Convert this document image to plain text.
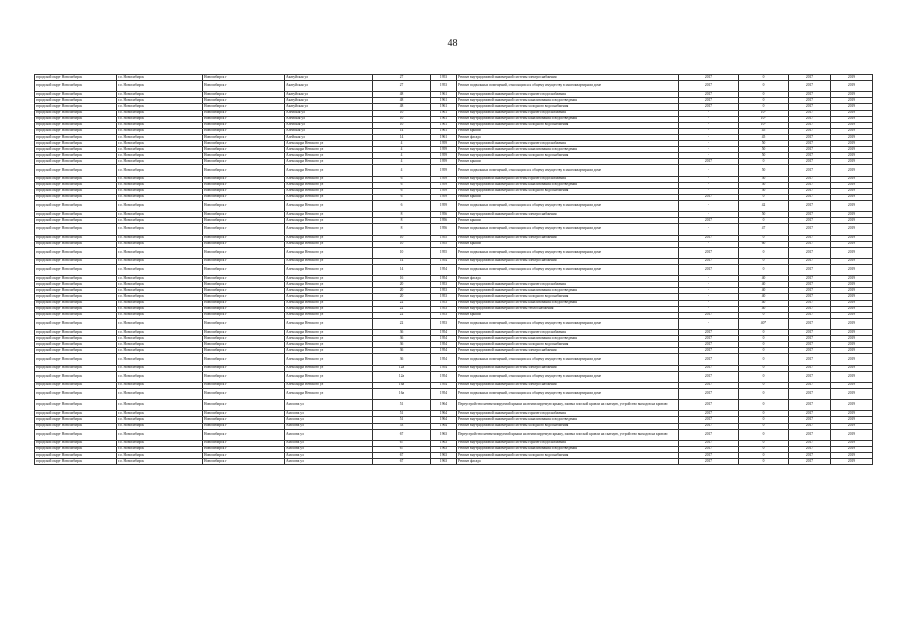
48
городской округ Новосибирск	г.о. Новосибирск	Новосибирск г	Акатуйская ул	27	1953	Ремонт внутридомовой инженерной системы электроснабжения	2017	0	2017	2019
городской округ Новосибирск	г.о. Новосибирск	Новосибирск г	Акатуйская ул	27	1953	Ремонт подвальных помещений, относящихся к общему имуществу в многоквартирном доме	2017	0	2017	2019
городской округ Новосибирск	г.о. Новосибирск	Новосибирск г	Акатуйская ул	48	1961	Ремонт внутридомовой инженерной системы горячего водоснабжения	2017	0	2017	2019
городской округ Новосибирск	г.о. Новосибирск	Новосибирск г	Акатуйская ул	48	1961	Ремонт внутридомовой инженерной системы канализования и водоотведения	2017	0	2017	2019
городской округ Новосибирск	г.о. Новосибирск	Новосибирск г	Акатуйская ул	48	1961	Ремонт внутридомовой инженерной системы холодного водоснабжения	2017	0	2017	2019
городской округ Новосибирск	г.о. Новосибирск	Новосибирск г	Алейская ул	10	1961	Ремонт внутридомовой инженерной системы горячего водоснабжения	-	10*	2017	2019
городской округ Новосибирск	г.о. Новосибирск	Новосибирск г	Алейская ул	10	1961	Ремонт внутридомовой инженерной системы канализования и водоотведения	-	10*	2017	2019
городской округ Новосибирск	г.о. Новосибирск	Новосибирск г	Алейская ул	10	1961	Ремонт внутридомовой инженерной системы холодного водоснабжения	-	10*	2017	2019
городской округ Новосибирск	г.о. Новосибирск	Новосибирск г	Алейская ул	14	1961	Ремонт крыши	-	45	2017	2019
городской округ Новосибирск	г.о. Новосибирск	Новосибирск г	Алейская ул	14	1961	Ремонт фасада	-	45	2017	2019
городской округ Новосибирск	г.о. Новосибирск	Новосибирск г	Александра Невского ул	4	1959	Ремонт внутридомовой инженерной системы горячего водоснабжения	-	50	2017	2019
городской округ Новосибирск	г.о. Новосибирск	Новосибирск г	Александра Невского ул	4	1959	Ремонт внутридомовой инженерной системы канализования и водоотведения	-	50	2017	2019
городской округ Новосибирск	г.о. Новосибирск	Новосибирск г	Александра Невского ул	4	1959	Ремонт внутридомовой инженерной системы холодного водоснабжения	-	50	2017	2019
городской округ Новосибирск	г.о. Новосибирск	Новосибирск г	Александра Невского ул	4	1959	Ремонт крыши	2017	0	2017	2019
городской округ Новосибирск	г.о. Новосибирск	Новосибирск г	Александра Невского ул	4	1959	Ремонт подвальных помещений, относящихся к общему имуществу в многоквартирном доме	-	50	2017	2019
городской округ Новосибирск	г.о. Новосибирск	Новосибирск г	Александра Невского ул	6	1959	Ремонт внутридомовой инженерной системы горячего водоснабжения	-	50	2017	2019
городской округ Новосибирск	г.о. Новосибирск	Новосибирск г	Александра Невского ул	6	1959	Ремонт внутридомовой инженерной системы канализования и водоотведения	-	50	2017	2019
городской округ Новосибирск	г.о. Новосибирск	Новосибирск г	Александра Невского ул	6	1959	Ремонт внутридомовой инженерной системы холодного водоснабжения	-	50	2017	2019
городской округ Новосибирск	г.о. Новосибирск	Новосибирск г	Александра Невского ул	6	1959	Ремонт крыши	2017	0	2017	2019
городской округ Новосибирск	г.о. Новосибирск	Новосибирск г	Александра Невского ул	6	1959	Ремонт подвальных помещений, относящихся к общему имуществу в многоквартирном доме	-	42	2017	2019
городской округ Новосибирск	г.о. Новосибирск	Новосибирск г	Александра Невского ул	8	1956	Ремонт внутридомовой инженерной системы электроснабжения	-	50	2017	2019
городской округ Новосибирск	г.о. Новосибирск	Новосибирск г	Александра Невского ул	8	1956	Ремонт крыши	2017	0	2017	2019
городской округ Новосибирск	г.о. Новосибирск	Новосибирск г	Александра Невского ул	8	1956	Ремонт подвальных помещений, относящихся к общему имуществу в многоквартирном доме	-	47	2017	2019
городской округ Новосибирск	г.о. Новосибирск	Новосибирск г	Александра Невского ул	10	1955	Ремонт внутридомовой инженерной системы электроснабжения	2017	0	2017	2019
городской округ Новосибирск	г.о. Новосибирск	Новосибирск г	Александра Невского ул	10	1955	Ремонт крыши	-	60	2017	2019
городской округ Новосибирск	г.о. Новосибирск	Новосибирск г	Александра Невского ул	10	1955	Ремонт подвальных помещений, относящихся к общему имуществу в многоквартирном доме	2017	0	2017	2019
городской округ Новосибирск	г.о. Новосибирск	Новосибирск г	Александра Невского ул	14	1954	Ремонт внутридомовой инженерной системы электроснабжения	2017	0	2017	2019
городской округ Новосибирск	г.о. Новосибирск	Новосибирск г	Александра Невского ул	14	1954	Ремонт подвальных помещений, относящихся к общему имуществу в многоквартирном доме	2017	0	2017	2019
городской округ Новосибирск	г.о. Новосибирск	Новосибирск г	Александра Невского ул	16	1954	Ремонт фасада	-	40	2017	2019
городской округ Новосибирск	г.о. Новосибирск	Новосибирск г	Александра Невского ул	20	1953	Ремонт внутридомовой инженерной системы горячего водоснабжения	-	40	2017	2019
городской округ Новосибирск	г.о. Новосибирск	Новосибирск г	Александра Невского ул	20	1953	Ремонт внутридомовой инженерной системы канализования и водоотведения	-	40	2017	2019
городской округ Новосибирск	г.о. Новосибирск	Новосибирск г	Александра Невского ул	20	1953	Ремонт внутридомовой инженерной системы холодного водоснабжения	-	40	2017	2019
городской округ Новосибирск	г.о. Новосибирск	Новосибирск г	Александра Невского ул	22	1953	Ремонт внутридомовой инженерной системы канализования и водоотведения	-	40	2017	2019
городской округ Новосибирск	г.о. Новосибирск	Новосибирск г	Александра Невского ул	22	1953	Ремонт внутридомовой инженерной системы теплоснабжения	-	40	2017	2019
городской округ Новосибирск	г.о. Новосибирск	Новосибирск г	Александра Невского ул	22	1953	Ремонт крыши	2017	0	2017	2019
городской округ Новосибирск	г.о. Новосибирск	Новосибирск г	Александра Невского ул	22	1953	Ремонт подвальных помещений, относящихся к общему имуществу в многоквартирном доме	-	40*	2017	2019
городской округ Новосибирск	г.о. Новосибирск	Новосибирск г	Александра Невского ул	36	1954	Ремонт внутридомовой инженерной системы горячего водоснабжения	2017	0	2017	2019
городской округ Новосибирск	г.о. Новосибирск	Новосибирск г	Александра Невского ул	36	1954	Ремонт внутридомовой инженерной системы канализования и водоотведения	2017	0	2017	2019
городской округ Новосибирск	г.о. Новосибирск	Новосибирск г	Александра Невского ул	36	1954	Ремонт внутридомовой инженерной системы холодного водоснабжения	2017	0	2017	2019
городской округ Новосибирск	г.о. Новосибирск	Новосибирск г	Александра Невского ул	36	1954	Ремонт внутридомовой инженерной системы электроснабжения	2017	0	2017	2019
городской округ Новосибирск	г.о. Новосибирск	Новосибирск г	Александра Невского ул	36	1954	Ремонт подвальных помещений, относящихся к общему имуществу в многоквартирном доме	2017	0	2017	2019
городской округ Новосибирск	г.о. Новосибирск	Новосибирск г	Александра Невского ул	12а	1954	Ремонт внутридомовой инженерной системы электроснабжения	2017	0	2017	2019
городской округ Новосибирск	г.о. Новосибирск	Новосибирск г	Александра Невского ул	12а	1954	Ремонт подвальных помещений, относящихся к общему имуществу в многоквартирном доме	2017	0	2017	2019
городской округ Новосибирск	г.о. Новосибирск	Новосибирск г	Александра Невского ул	16а	1954	Ремонт внутридомовой инженерной системы электроснабжения	2017	0	2017	2019
городской округ Новосибирск	г.о. Новосибирск	Новосибирск г	Александра Невского ул	16а	1954	Ремонт подвальных помещений, относящихся к общему имуществу в многоквартирном доме	2017	0	2017	2019
городской округ Новосибирск	г.о. Новосибирск	Новосибирск г	Амосова ул	51	1964	Переустройство невентилируемой крыши на вентилируемую крышу, замена плоской кровли на скатную, устройство выходов на кровлю	2017	0	2017	2019
городской округ Новосибирск	г.о. Новосибирск	Новосибирск г	Амосова ул	51	1964	Ремонт внутридомовой инженерной системы горячего водоснабжения	2017	0	2017	2019
городской округ Новосибирск	г.о. Новосибирск	Новосибирск г	Амосова ул	51	1964	Ремонт внутридомовой инженерной системы канализования и водоотведения	2017	0	2017	2019
городской округ Новосибирск	г.о. Новосибирск	Новосибирск г	Амосова ул	53	1964	Ремонт внутридомовой инженерной системы холодного водоснабжения	2017	0	2017	2019
городской округ Новосибирск	г.о. Новосибирск	Новосибирск г	Амосова ул	67	1963	Переустройство невентилируемой крыши на вентилируемую крышу, замена плоской кровли на скатную, устройство выходов на кровлю	2017	0	2017	2019
городской округ Новосибирск	г.о. Новосибирск	Новосибирск г	Амосова ул	67	1963	Ремонт внутридомовой инженерной системы горячего водоснабжения	2017	0	2017	2019
городской округ Новосибирск	г.о. Новосибирск	Новосибирск г	Амосова ул	67	1963	Ремонт внутридомовой инженерной системы канализования и водоотведения	2017	0	2017	2019
городской округ Новосибирск	г.о. Новосибирск	Новосибирск г	Амосова ул	67	1963	Ремонт внутридомовой инженерной системы холодного водоснабжения	2017	0	2017	2019
городской округ Новосибирск	г.о. Новосибирск	Новосибирск г	Амосова ул	67	1963	Ремонт фасада	2017	0	2017	2019
